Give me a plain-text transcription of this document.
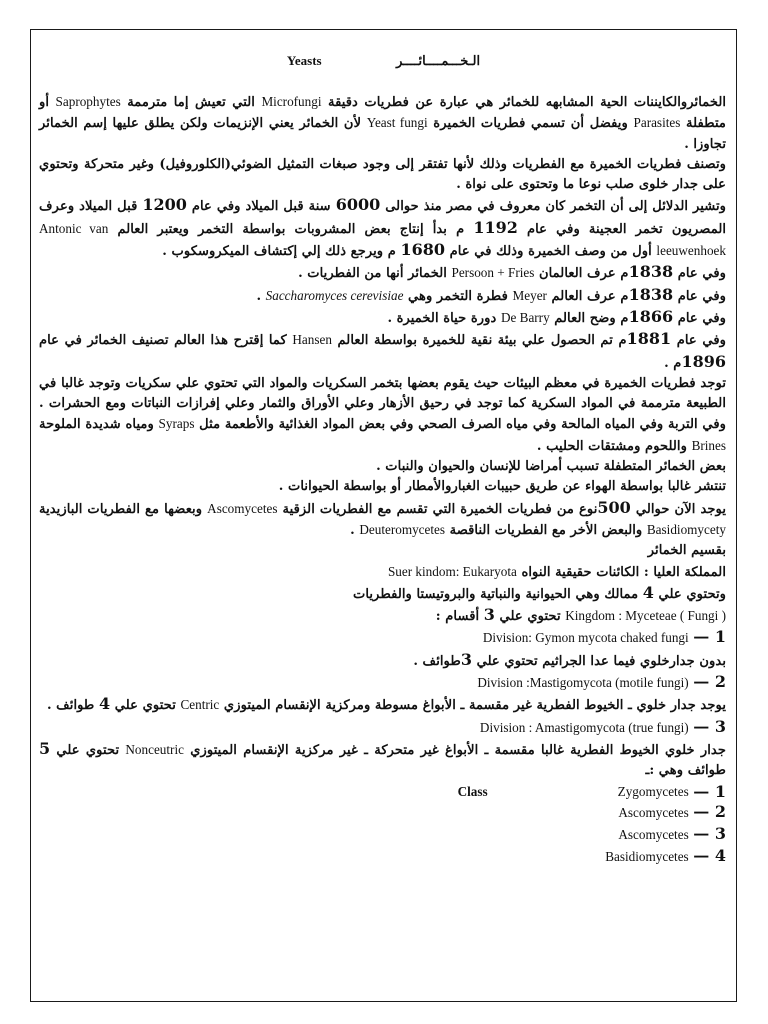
Yeasts	الـخـــمــــائــــر

الخمائروالكايننات الحية المشابهه للخمائر هي عبارة عن فطريات دقيقة Microfungi التي تعيش إما مترممة Saprophytes أو متطفلة Parasites ويفضل أن تسمي فطريات الخميرة Yeast fungi لأن الخمائر يعني الإنزيمات ولكن يطلق عليها إسم الخمائر تجاوزا .

وتصنف فطريات الخميرة مع الفطريات وذلك لأنها تفتقر إلى وجود صبغات التمثيل الضوئي(الكلوروفيل) وغير متحركة وتحتوي على جدار خلوى صلب نوعا ما وتحتوى على نواة .

وتشير الدلائل إلى أن التخمر كان معروف في مصر منذ حوالى 6000 سنة قبل الميلاد وفي عام 1200 قبل الميلاد وعرف المصريون تخمر العجينة وفي عام 1192 م بدأ إنتاج بعض المشروبات بواسطة التخمر ويعتبر العالم Antonic van leeuwenhoek أول من وصف الخميرة وذلك في عام 1680 م ويرجع ذلك إلي إكتشاف الميكروسكوب .

وفي عام 1838م عرف العالمان Persoon + Fries الخمائر أنها من الفطريات .

وفي عام 1838م عرف العالم Meyer فطرة التخمر وهي Saccharomyces cerevisiae .

وفي عام 1866م وضح العالم De Barry دورة حياة الخميرة .

وفي عام 1881م تم الحصول علي بيئة نقية للخميرة بواسطة العالم Hansen كما إقترح هذا العالم تصنيف الخمائر في عام 1896م .

توجد فطريات الخميرة في معظم البيئات حيث يقوم بعضها بتخمر السكريات والمواد التي تحتوي علي سكريات وتوجد غالبا في الطبيعة مترممة في المواد السكرية كما توجد في رحيق الأزهار وعلي الأوراق والثمار وعلي إفرازات النباتات ومع الحشرات . وفي التربة وفي المياه المالحة وفي مياه الصرف الصحي وفي بعض المواد الغذائية والأطعمة مثل Syraps ومياه شديدة الملوحة Brines واللحوم ومشتقات الحليب .

بعض الخمائر المتطفلة تسبب أمراضا للإنسان والحيوان والنبات .

تنتشر غالبا بواسطة الهواء عن طريق حبيبات الغباروالأمطار أو بواسطة الحيوانات .

يوجد الآن حوالي 500نوع من فطريات الخميرة التي تقسم مع الفطريات الزقية Ascomycetes وبعضها مع الفطريات البازيدية Basidiomycety والبعض الأخر مع الفطريات الناقصة Deuteromycetes .

بقسيم الخمائر

المملكة العليا : الكائنات حقيقية النواه Suer kindom: Eukaryota

وتحتوي علي 4 ممالك وهي الحيوانية والنباتية والبروتيستا والفطريات

Kingdom : Myceteae ( Fungi ) تحتوي علي 3 أقسام :

Division: Gymon mycota chaked fungi — 1

بدون جدارخلوي فيما عدا الجراثيم تحتوي علي 3طوائف .

Division :Mastigomycota (motile fungi) — 2

يوجد جدار خلوي ـ الخيوط الفطرية غير مقسمة ـ الأبواغ مسوطة ومركزية الإنقسام الميتوزي Centric تحتوي علي 4 طوائف .

Division : Amastigomycota (true fungi) — 3

جدار خلوي الخيوط الفطرية غالبا مقسمة ـ الأبواغ غير متحركة ـ غير مركزية الإنقسام الميتوزي Nonceutric تحتوي علي 5 طوائف وهي :ـ

Class	Zygomycetes
— 1

Ascomycetes — 2

Ascomycetes — 3

Basidiomycetes — 4
